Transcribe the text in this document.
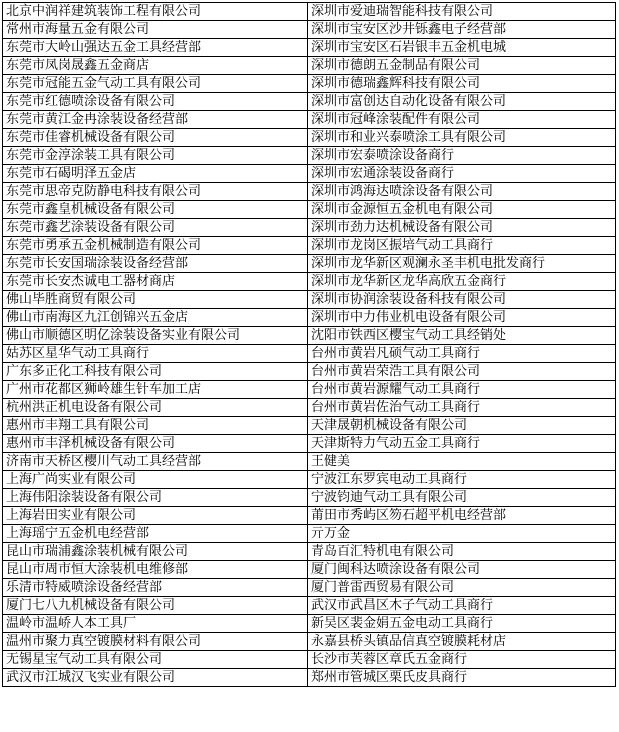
北京中润祥建筑装饰工程有限公司	深圳市爱迪瑞智能科技有限公司
常州市海量五金有限公司	深圳市宝安区沙井铄鑫电子经营部
东莞市大岭山强达五金工具经营部	深圳市宝安区石岩银丰五金机电城
东莞市凤岗晟鑫五金商店	深圳市德朗五金制品有限公司
东莞市冠能五金气动工具有限公司	深圳市德瑞鑫辉科技有限公司
东莞市红德喷涂设备有限公司	深圳市富创达自动化设备有限公司
东莞市黄江金冉涂装设备经营部	深圳市冠峰涂装配件有限公司
东莞市佳睿机械设备有限公司	深圳市和业兴泰喷涂工具有限公司
东莞市金淳涂装工具有限公司	深圳市宏泰喷涂设备商行
东莞市石碣明泽五金店	深圳市宏通涂装设备商行
东莞市思帝克防静电科技有限公司	深圳市鸿海达喷涂设备有限公司
东莞市鑫皇机械设备有限公司	深圳市金源恒五金机电有限公司
东莞市鑫艺涂装设备有限公司	深圳市劲力达机械设备有限公司
东莞市勇承五金机械制造有限公司	深圳市龙岗区振培气动工具商行
东莞市长安国瑞涂装设备经营部	深圳市龙华新区观澜永圣丰机电批发商行
东莞市长安杰诚电工器材商店	深圳市龙华新区龙华高欣五金商行
佛山毕胜商贸有限公司	深圳市协润涂装设备科技有限公司
佛山市南海区九江创锦兴五金店	深圳市中力伟业机电设备有限公司
佛山市顺德区明亿涂装设备实业有限公司	沈阳市铁西区樱宝气动工具经销处
姑苏区星华气动工具商行	台州市黄岩凡硕气动工具商行
广东多正化工科技有限公司	台州市黄岩荣浩工具有限公司
广州市花都区狮岭雄生针车加工店	台州市黄岩源耀气动工具商行
杭州洪正机电设备有限公司	台州市黄岩佐治气动工具商行
惠州市丰翔工具有限公司	天津晟朝机械设备有限公司
惠州市丰泽机械设备有限公司	天津斯特力气动五金工具商行
济南市天桥区樱川气动工具经营部	王健美
上海广尚实业有限公司	宁波江东罗宾电动工具商行
上海伟阳涂装设备有限公司	宁波钧迪气动工具有限公司
上海岩田实业有限公司	莆田市秀屿区笏石超平机电经营部
上海瑶宁五金机电经营部	亓万金
昆山市瑞浦鑫涂装机械有限公司	青岛百汇特机电有限公司
昆山市周市恒大涂装机电维修部	厦门闽科达喷涂设备有限公司
乐清市特威喷涂设备经营部	厦门普雷西贸易有限公司
厦门七八九机械设备有限公司	武汉市武昌区木子气动工具商行
温岭市温峤人本工具厂	新吴区裴金娟五金电动工具商行
温州市聚力真空镀膜材料有限公司	永嘉县桥头镇品信真空镀膜耗材店
无锡星宝气动工具有限公司	长沙市芙蓉区章氏五金商行
武汉市江城汉飞实业有限公司	郑州市管城区栗氏皮具商行
